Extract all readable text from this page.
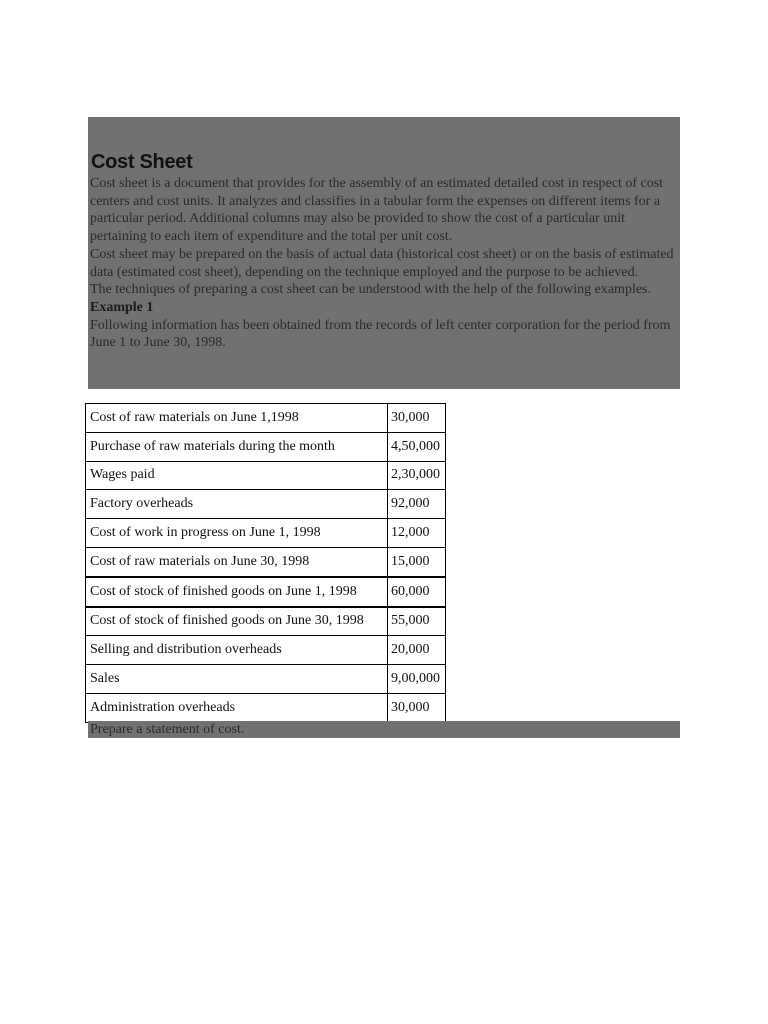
Cost Sheet

Cost sheet is a document that provides for the assembly of an estimated detailed cost in respect of cost centers and cost units. It analyzes and classifies in a tabular form the expenses on different items for a particular period. Additional columns may also be provided to show the cost of a particular unit pertaining to each item of expenditure and the total per unit cost.

Cost sheet may be prepared on the basis of actual data (historical cost sheet) or on the basis of estimated data (estimated cost sheet), depending on the technique employed and the purpose to be achieved.

The techniques of preparing a cost sheet can be understood with the help of the following examples.

Example 1

Following information has been obtained from the records of left center corporation for the period from June 1 to June 30, 1998.

Cost of raw materials on June 1,1998	30,000
Purchase of raw materials during the month	4,50,000
Wages paid	2,30,000
Factory overheads	92,000
Cost of work in progress on June 1, 1998	12,000
Cost of raw materials on June 30, 1998	15,000
Cost of stock of finished goods on June 1, 1998	60,000
Cost of stock of finished goods on June 30, 1998	55,000
Selling and distribution overheads	20,000
Sales	9,00,000
Administration overheads	30,000

Prepare a statement of cost.
